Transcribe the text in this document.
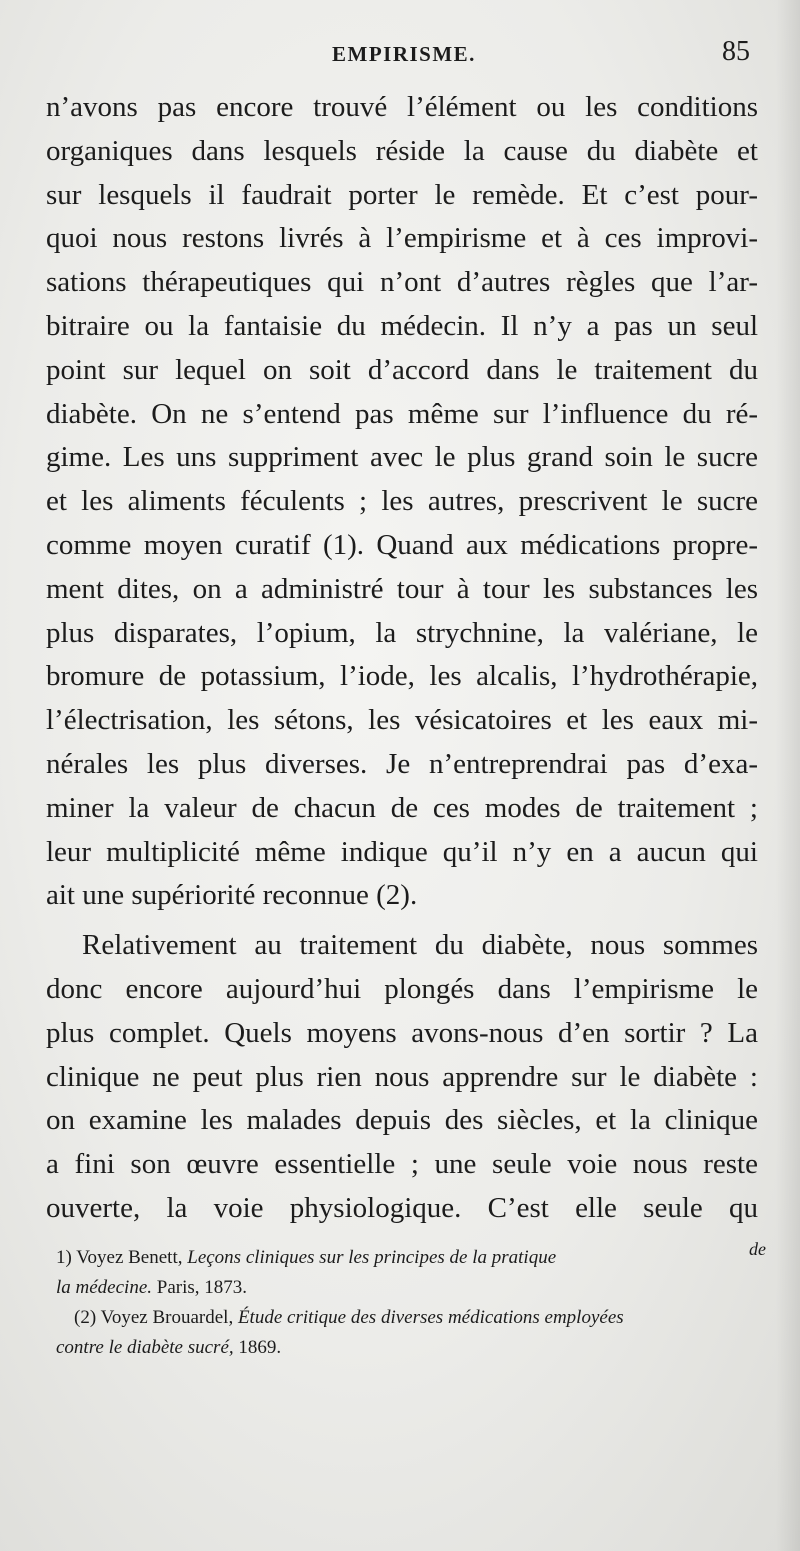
EMPIRISME.	85
n’avons pas encore trouvé l’élément ou les conditions
organiques dans lesquels réside la cause du diabète et
sur lesquels il faudrait porter le remède. Et c’est pour-
quoi nous restons livrés à l’empirisme et à ces improvi-
sations thérapeutiques qui n’ont d’autres règles que l’ar-
bitraire ou la fantaisie du médecin. Il n’y a pas un seul
point sur lequel on soit d’accord dans le traitement du
diabète. On ne s’entend pas même sur l’influence du ré-
gime. Les uns suppriment avec le plus grand soin le sucre
et les aliments féculents ; les autres, prescrivent le sucre
comme moyen curatif (1). Quand aux médications propre-
ment dites, on a administré tour à tour les substances les
plus disparates, l’opium, la strychnine, la valériane, le
bromure de potassium, l’iode, les alcalis, l’hydrothérapie,
l’électrisation, les sétons, les vésicatoires et les eaux mi-
nérales les plus diverses. Je n’entreprendrai pas d’exa-
miner la valeur de chacun de ces modes de traitement ;
leur multiplicité même indique qu’il n’y en a aucun qui
ait une supériorité reconnue (2).
Relativement au traitement du diabète, nous sommes
donc encore aujourd’hui plongés dans l’empirisme le
plus complet. Quels moyens avons-nous d’en sortir ? La
clinique ne peut plus rien nous apprendre sur le diabète :
on examine les malades depuis des siècles, et la clinique
a fini son œuvre essentielle ; une seule voie nous reste
ouverte, la voie physiologique. C’est elle seule qu
de
1) Voyez Benett, Leçons cliniques sur les principes de la pratique
la médecine. Paris, 1873.
(2) Voyez Brouardel, Étude critique des diverses médications employées
contre le diabète sucré, 1869.
